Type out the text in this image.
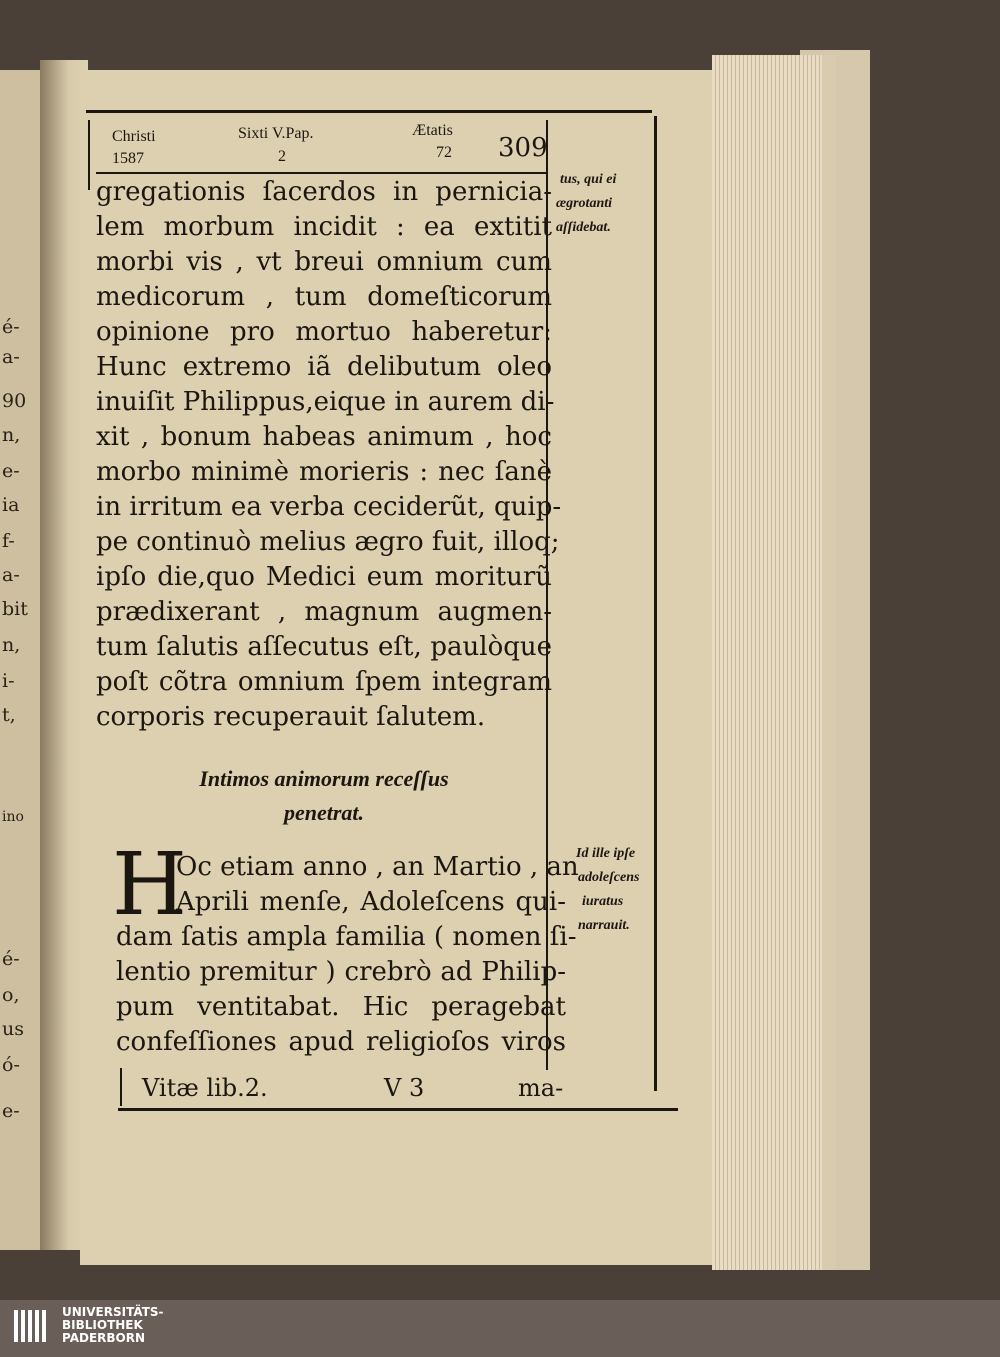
é-
a-
90
n,
e-
ia
f-
a-
bit
n,
i-
t,
ino
é-
o,
us
ó-
e-
Christi
1587
Sixti V.Pap.
2
Ætatis
72 309
gregationis ſacerdos in pernicia-
lem morbum incidit : ea extitit
morbi vis , vt breui omnium cum
medicorum , tum domeſticorum
opinione pro mortuo haberetur:
Hunc extremo iã delibutum oleo
inuiſit Philippus,eique in aurem di-
xit , bonum habeas animum , hoc
morbo minimè morieris : nec ſanè
in irritum ea verba ceciderũt, quip-
pe continuò melius ægro fuit, illoq;
ipſo die,quo Medici eum moriturũ
prædixerant , magnum augmen-
tum ſalutis aſſecutus eſt, paulòque
poſt cõtra omnium ſpem integram
corporis recuperauit ſalutem.
tus, qui ei
ægrotanti
aſſidebat.
Intimos animorum receſſus
penetrat.
H
Oc etiam anno , an Martio , an
Aprili menſe, Adoleſcens qui-
dam ſatis ampla familia ( nomen ſi-
lentio premitur ) crebrò ad Philip-
pum ventitabat. Hic peragebat
confeſſiones apud religioſos viros
Id ille ipſe
adoleſcens
iuratus
narrauit.
Vitæ lib.2.	V 3	ma-
UNIVERSITÄTS-
BIBLIOTHEK
PADERBORN
